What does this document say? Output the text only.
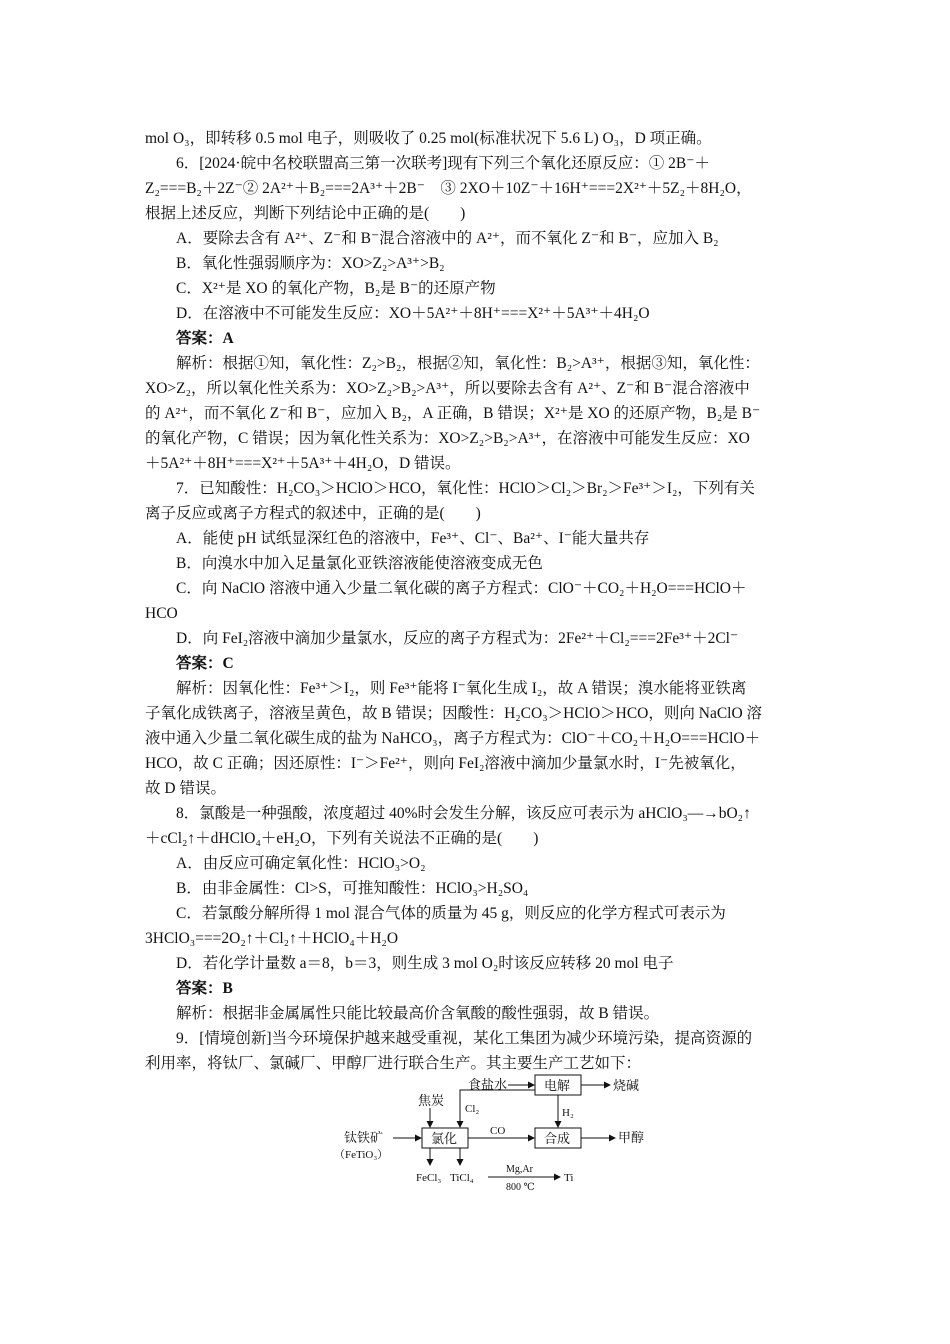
mol O₃，即转移 0.5 mol 电子，则吸收了 0.25 mol(标准状况下 5.6 L) O₃，D 项正确。

6．[2024·皖中名校联盟高三第一次联考]现有下列三个氧化还原反应：① 2B⁻＋

Z₂===B₂＋2Z⁻② 2A²⁺＋B₂===2A³⁺＋2B⁻　③ 2XO＋10Z⁻＋16H⁺===2X²⁺＋5Z₂＋8H₂O，

根据上述反应，判断下列结论中正确的是(　　)

A．要除去含有 A²⁺、Z⁻和 B⁻混合溶液中的 A²⁺，而不氧化 Z⁻和 B⁻，应加入 B₂

B．氧化性强弱顺序为：XO>Z₂>A³⁺>B₂

C．X²⁺是 XO 的氧化产物，B₂是 B⁻的还原产物

D．在溶液中不可能发生反应：XO＋5A²⁺＋8H⁺===X²⁺＋5A³⁺＋4H₂O

答案：A

解析：根据①知，氧化性：Z₂>B₂，根据②知，氧化性：B₂>A³⁺，根据③知，氧化性：

XO>Z₂，所以氧化性关系为：XO>Z₂>B₂>A³⁺，所以要除去含有 A²⁺、Z⁻和 B⁻混合溶液中

的 A²⁺，而不氧化 Z⁻和 B⁻，应加入 B₂，A 正确，B 错误；X²⁺是 XO 的还原产物，B₂是 B⁻

的氧化产物，C 错误；因为氧化性关系为：XO>Z₂>B₂>A³⁺，在溶液中可能发生反应：XO

＋5A²⁺＋8H⁺===X²⁺＋5A³⁺＋4H₂O，D 错误。

7．已知酸性：H₂CO₃＞HClO＞HCO，氧化性：HClO＞Cl₂＞Br₂＞Fe³⁺＞I₂，下列有关

离子反应或离子方程式的叙述中，正确的是(　　)

A．能使 pH 试纸显深红色的溶液中，Fe³⁺、Cl⁻、Ba²⁺、I⁻能大量共存

B．向溴水中加入足量氯化亚铁溶液能使溶液变成无色

C．向 NaClO 溶液中通入少量二氧化碳的离子方程式：ClO⁻＋CO₂＋H₂O===HClO＋

HCO

D．向 FeI₂溶液中滴加少量氯水，反应的离子方程式为：2Fe²⁺＋Cl₂===2Fe³⁺＋2Cl⁻

答案：C

解析：因氧化性：Fe³⁺＞I₂，则 Fe³⁺能将 I⁻氧化生成 I₂，故 A 错误；溴水能将亚铁离

子氧化成铁离子，溶液呈黄色，故 B 错误；因酸性：H₂CO₃＞HClO＞HCO，则向 NaClO 溶

液中通入少量二氧化碳生成的盐为 NaHCO₃，离子方程式为：ClO⁻＋CO₂＋H₂O===HClO＋

HCO，故 C 正确；因还原性：I⁻＞Fe²⁺，则向 FeI₂溶液中滴加少量氯水时，I⁻先被氧化，

故 D 错误。

8．氯酸是一种强酸，浓度超过 40%时会发生分解，该反应可表示为 aHClO₃—→bO₂↑

＋cCl₂↑＋dHClO₄＋eH₂O，下列有关说法不正确的是(　　)

A．由反应可确定氧化性：HClO₃>O₂

B．由非金属性：Cl>S，可推知酸性：HClO₃>H₂SO₄

C．若氯酸分解所得 1 mol 混合气体的质量为 45 g，则反应的化学方程式可表示为

3HClO₃===2O₂↑＋Cl₂↑＋HClO₄＋H₂O

D．若化学计量数 a＝8，b＝3，则生成 3 mol O₂时该反应转移 20 mol 电子

答案：B

解析：根据非金属属性只能比较最高价含氧酸的酸性强弱，故 B 错误。

9．[情境创新]当今环境保护越来越受重视，某化工集团为减少环境污染，提高资源的

利用率，将钛厂、氯碱厂、甲醇厂进行联合生产。其主要生产工艺如下：

食盐水	电解	烧碱
焦炭
钛铁矿	氯化	合成	甲醇
Cl₂	H₂
CO
（FeTiO₃）
FeCl₃ TiCl₄	Ti
Mg,Ar
800 ℃
